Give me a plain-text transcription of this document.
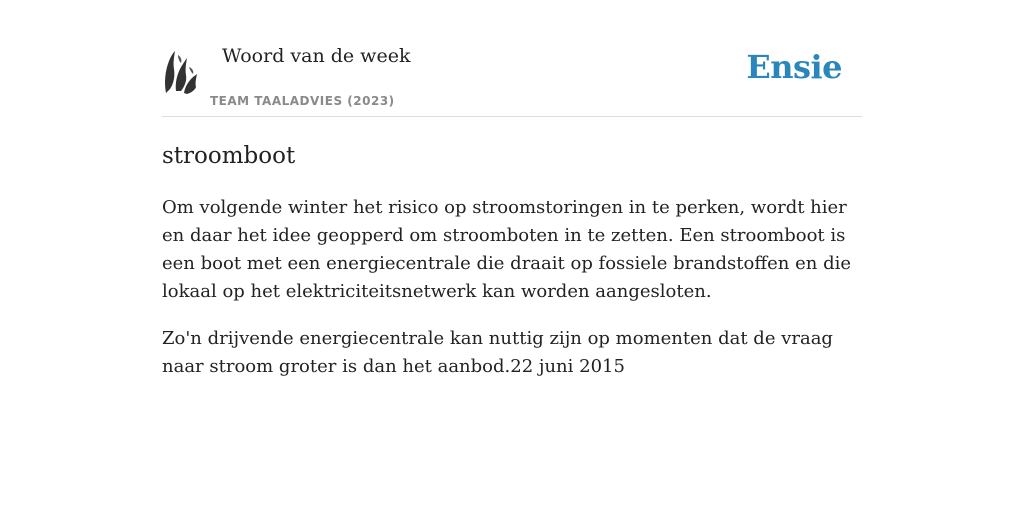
Woord van de week
TEAM TAALADVIES (2023)
Ensie
stroomboot

Om volgende winter het risico op stroomstoringen in te perken, wordt hier en daar het idee geopperd om stroomboten in te zetten. Een stroomboot is een boot met een energiecentrale die draait op fossiele brandstoffen en die lokaal op het elektriciteitsnetwerk kan worden aangesloten.

Zo'n drijvende energiecentrale kan nuttig zijn op momenten dat de vraag naar stroom groter is dan het aanbod.22 juni 2015
